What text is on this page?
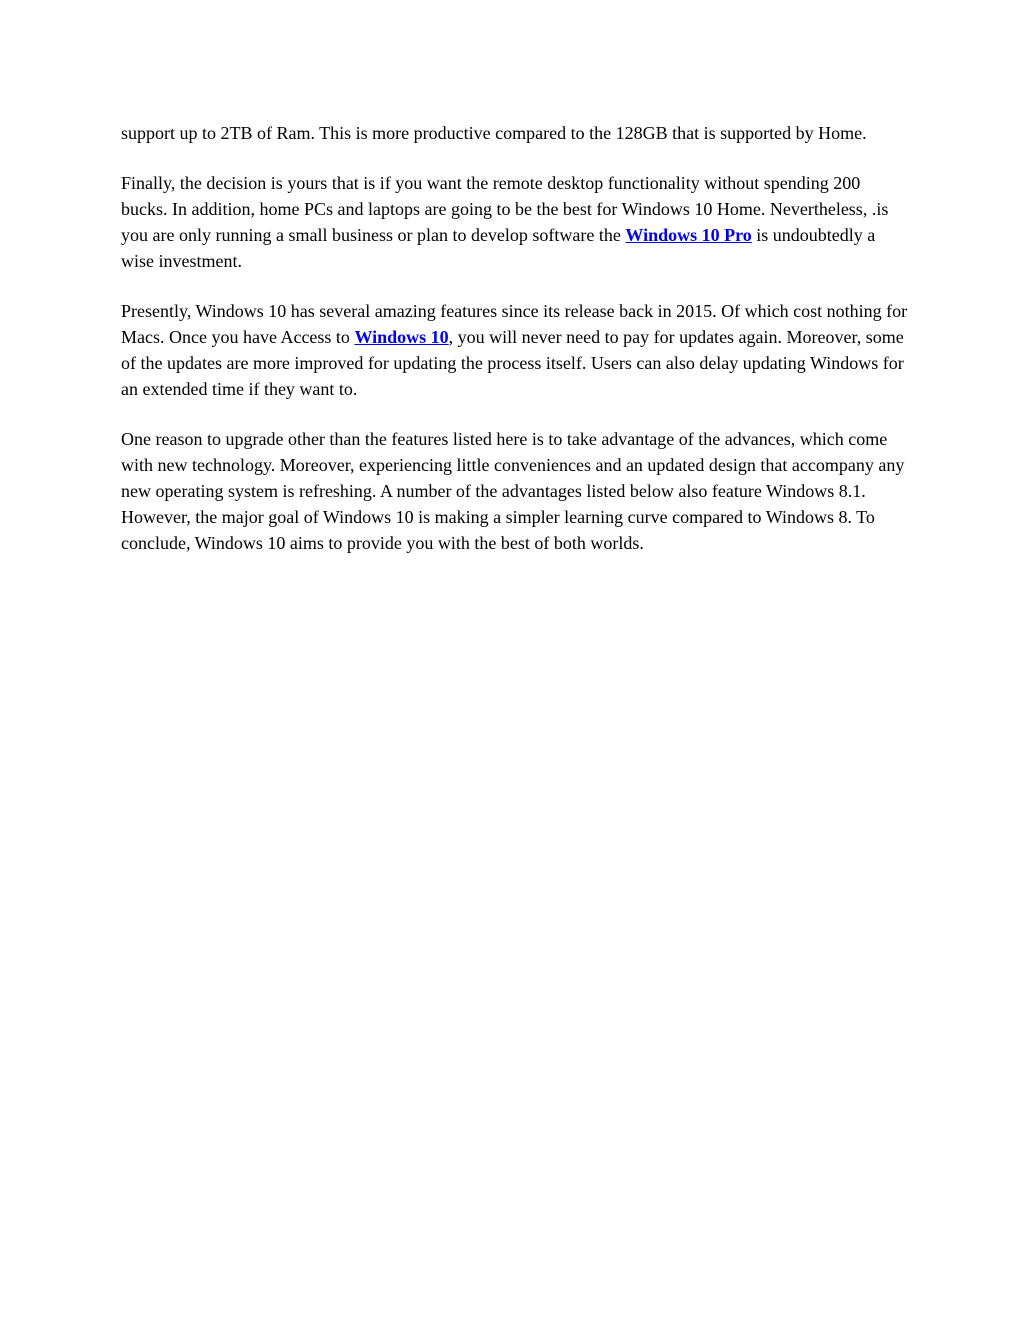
support up to 2TB of Ram. This is more productive compared to the 128GB that is supported by Home.

Finally, the decision is yours that is if you want the remote desktop functionality without spending 200 bucks. In addition, home PCs and laptops are going to be the best for Windows 10 Home. Nevertheless, .is you are only running a small business or plan to develop software the Windows 10 Pro is undoubtedly a wise investment.

Presently, Windows 10 has several amazing features since its release back in 2015. Of which cost nothing for Macs. Once you have Access to Windows 10, you will never need to pay for updates again. Moreover, some of the updates are more improved for updating the process itself. Users can also delay updating Windows for an extended time if they want to.

One reason to upgrade other than the features listed here is to take advantage of the advances, which come with new technology. Moreover, experiencing little conveniences and an updated design that accompany any new operating system is refreshing. A number of the advantages listed below also feature Windows 8.1. However, the major goal of Windows 10 is making a simpler learning curve compared to Windows 8. To conclude, Windows 10 aims to provide you with the best of both worlds.
